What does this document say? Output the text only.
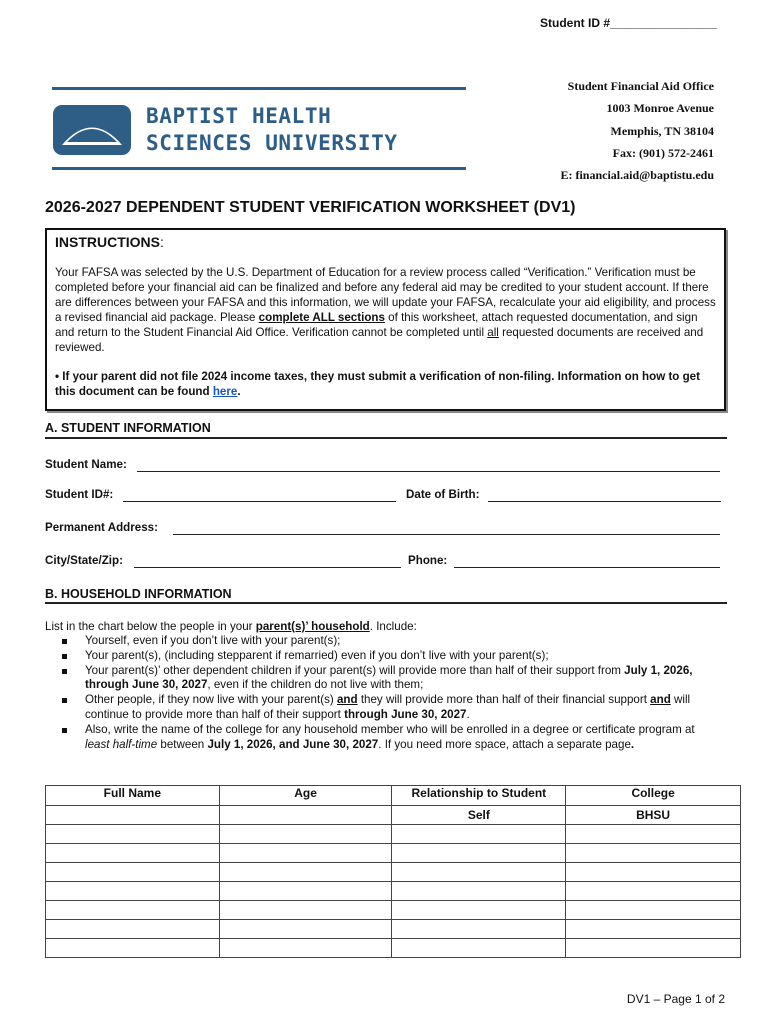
Student ID #________________
BAPTIST HEALTH
SCIENCES UNIVERSITY
Student Financial Aid Office
1003 Monroe Avenue
Memphis, TN 38104
Fax: (901) 572-2461
E: financial.aid@baptistu.edu
2026-2027 DEPENDENT STUDENT VERIFICATION WORKSHEET (DV1)
INSTRUCTIONS:
Your FAFSA was selected by the U.S. Department of Education for a review process called “Verification.” Verification must be completed before your financial aid can be finalized and before any federal aid may be credited to your student account. If there are differences between your FAFSA and this information, we will update your FAFSA, recalculate your aid eligibility, and process a revised financial aid package. Please complete ALL sections of this worksheet, attach requested documentation, and sign and return to the Student Financial Aid Office. Verification cannot be completed until all requested documents are received and reviewed.
• If your parent did not file 2024 income taxes, they must submit a verification of non-filing. Information on how to get this document can be found here.
A. STUDENT INFORMATION
Student Name:
Student ID#:	Date of Birth:
Permanent Address:
City/State/Zip:	Phone:
B. HOUSEHOLD INFORMATION
List in the chart below the people in your parent(s)’ household. Include:
Yourself, even if you don’t live with your parent(s);
Your parent(s), (including stepparent if remarried) even if you don’t live with your parent(s);
Your parent(s)’ other dependent children if your parent(s) will provide more than half of their support from July 1, 2026, through June 30, 2027, even if the children do not live with them;
Other people, if they now live with your parent(s) and they will provide more than half of their financial support and will continue to provide more than half of their support through June 30, 2027.
Also, write the name of the college for any household member who will be enrolled in a degree or certificate program at least half-time between July 1, 2026, and June 30, 2027. If you need more space, attach a separate page.
Full Name	Age	Relationship to Student	College
		Self	BHSU

DV1 – Page 1 of 2
